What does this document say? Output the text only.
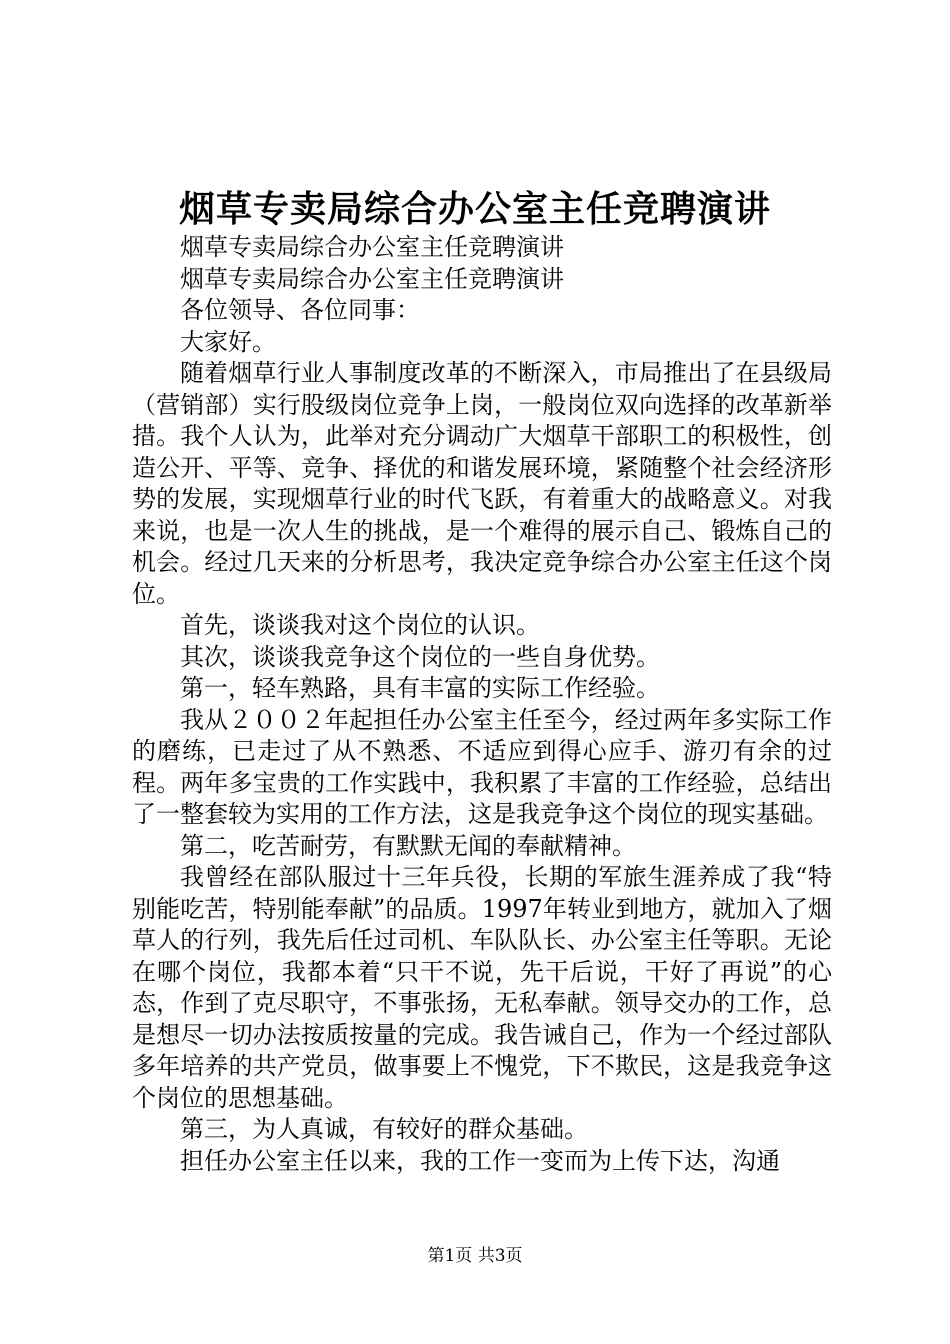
烟草专卖局综合办公室主任竞聘演讲

烟草专卖局综合办公室主任竞聘演讲

烟草专卖局综合办公室主任竞聘演讲

各位领导、各位同事：

大家好。

随着烟草行业人事制度改革的不断深入，市局推出了在县级局（营销部）实行股级岗位竞争上岗，一般岗位双向选择的改革新举措。我个人认为，此举对充分调动广大烟草干部职工的积极性，创造公开、平等、竞争、择优的和谐发展环境，紧随整个社会经济形势的发展，实现烟草行业的时代飞跃，有着重大的战略意义。对我来说，也是一次人生的挑战，是一个难得的展示自己、锻炼自己的机会。经过几天来的分析思考，我决定竞争综合办公室主任这个岗位。

首先，谈谈我对这个岗位的认识。

其次，谈谈我竞争这个岗位的一些自身优势。

第一，轻车熟路，具有丰富的实际工作经验。

我从２００２年起担任办公室主任至今，经过两年多实际工作的磨练，已走过了从不熟悉、不适应到得心应手、游刃有余的过程。两年多宝贵的工作实践中，我积累了丰富的工作经验，总结出了一整套较为实用的工作方法，这是我竞争这个岗位的现实基础。

第二，吃苦耐劳，有默默无闻的奉献精神。

我曾经在部队服过十三年兵役，长期的军旅生涯养成了我“特别能吃苦，特别能奉献”的品质。1997年转业到地方，就加入了烟草人的行列，我先后任过司机、车队队长、办公室主任等职。无论在哪个岗位，我都本着“只干不说，先干后说，干好了再说”的心态，作到了克尽职守，不事张扬，无私奉献。领导交办的工作，总是想尽一切办法按质按量的完成。我告诫自己，作为一个经过部队多年培养的共产党员，做事要上不愧党，下不欺民，这是我竞争这个岗位的思想基础。

第三，为人真诚，有较好的群众基础。

担任办公室主任以来，我的工作一变而为上传下达，沟通

第1页 共3页
